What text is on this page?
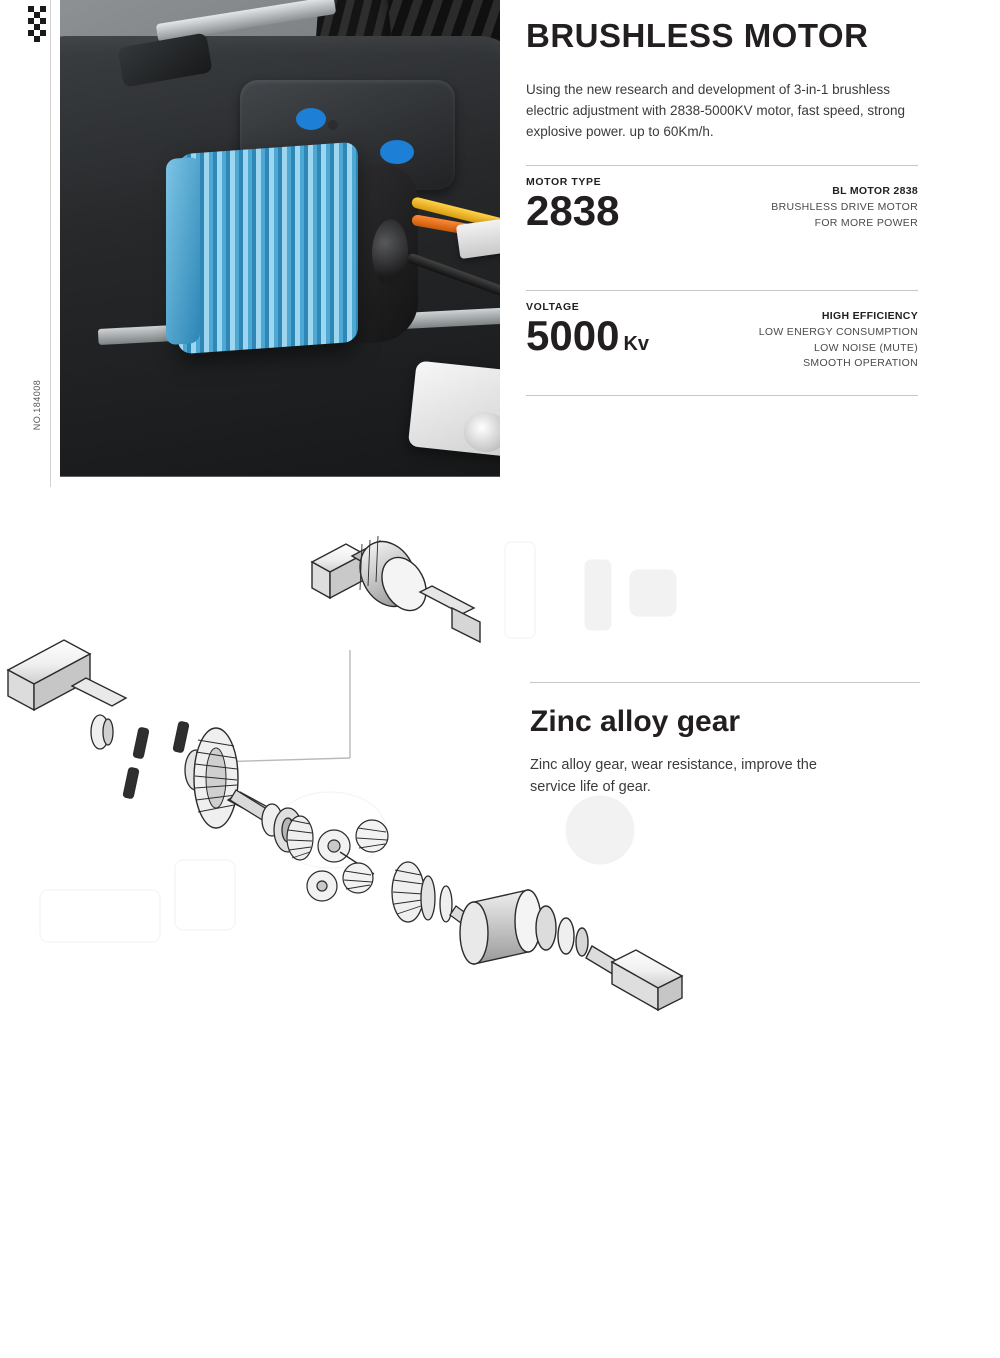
NO.184008
BRUSHLESS MOTOR

Using the new research and development of 3-in-1 brushless electric adjustment with 2838-5000KV motor, fast speed, strong explosive power. up to 60Km/h.

MOTOR TYPE
2838	BL MOTOR 2838
BRUSHLESS DRIVE MOTOR
FOR MORE POWER
VOLTAGE
5000 Kv
HIGH EFFICIENCY
LOW ENERGY CONSUMPTION
LOW NOISE (MUTE)
SMOOTH OPERATION

Zinc alloy gear

Zinc alloy gear, wear resistance, improve the service life of gear.
